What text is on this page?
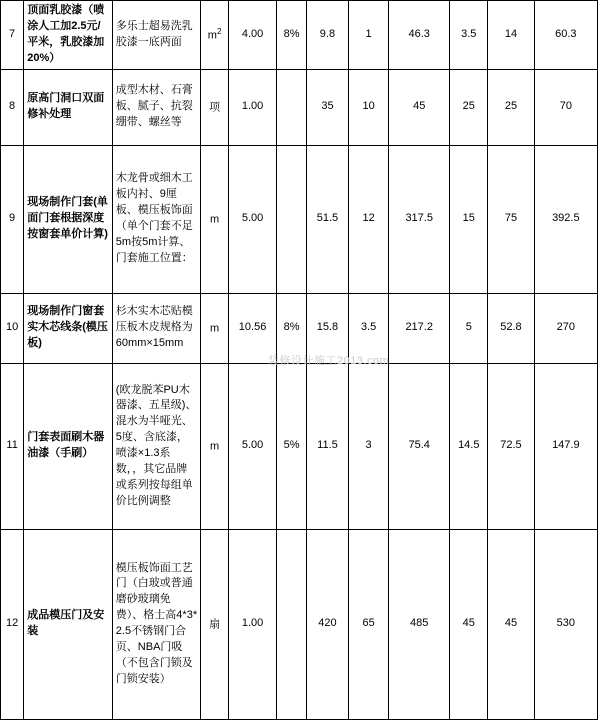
7	顶面乳胶漆（喷涂人工加2.5元/平米，乳胶漆加20%）	多乐士超易洗乳胶漆一底两面	$m^2$	4.00	8%	9.8	1	46.3	3.5	14	60.3
8	原高门洞口双面修补处理	成型木材、石膏板、腻子、抗裂绷带、螺丝等	项	1.00		35	10	45	25	25	70
9	现场制作门套(单面门套根据深度按窗套单价计算)	木龙骨或细木工板内衬、9厘板、模压板饰面（单个门套不足5m按5m计算、门套施工位置：	m	5.00		51.5	12	317.5	15	75	392.5
10	现场制作门窗套实木芯线条(模压板)	杉木实木芯贴模压板木皮规格为60mm×15mm	m	10.56	8%	15.8	3.5	217.2	5	52.8	270
11	门套表面刷木器油漆（手刷）	(欧龙脱苯PU木器漆、五星级)、混水为半哑光、5度、含底漆，喷漆×1.3系数，，其它品牌或系列按每组单价比例调整	m	5.00	5%	11.5	3	75.4	14.5	72.5	147.9
12	成品模压门及安装	模压板饰面工艺门（白玻或普通磨砂玻璃免费）、格士高4*3*2.5不锈钢门合页、NBA门吸（不包含门锁及门锁安装）	扇	1.00		420	65	485	45	45	530
装修设计施工2013.com
